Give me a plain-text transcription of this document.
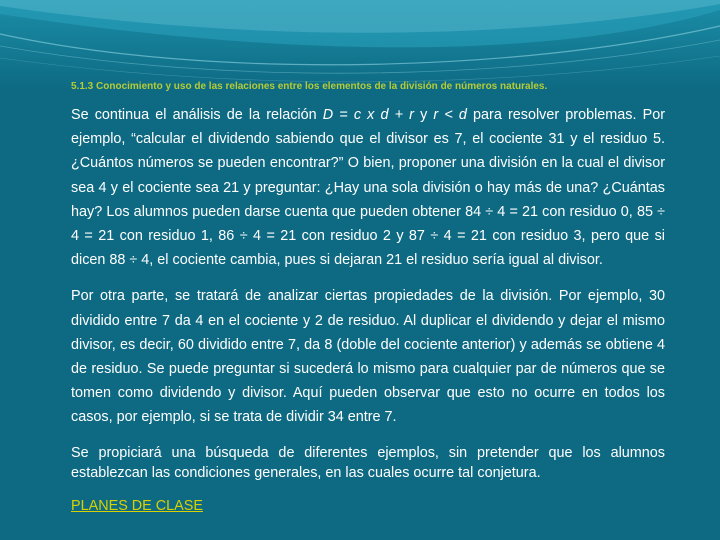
5.1.3 Conocimiento y uso de las relaciones entre los elementos de la división de números naturales.

Se continua el análisis de la relación D = c x d + r y r < d para resolver problemas. Por ejemplo, “calcular el dividendo sabiendo que el divisor es 7, el cociente 31 y el residuo 5. ¿Cuántos números se pueden encontrar?” O bien, proponer una división en la cual el divisor sea 4 y el cociente sea 21 y preguntar: ¿Hay una sola división o hay más de una? ¿Cuántas hay? Los alumnos pueden darse cuenta que pueden obtener 84 ÷ 4 = 21 con residuo 0, 85 ÷ 4 = 21 con residuo 1, 86 ÷ 4 = 21 con residuo 2 y 87 ÷ 4 = 21 con residuo 3, pero que si dicen 88 ÷ 4, el cociente cambia, pues si dejaran 21 el residuo sería igual al divisor.

Por otra parte, se tratará de analizar ciertas propiedades de la división. Por ejemplo, 30 dividido entre 7 da 4 en el cociente y 2 de residuo. Al duplicar el dividendo y dejar el mismo divisor, es decir, 60 dividido entre 7, da 8 (doble del cociente anterior) y además se obtiene 4 de residuo. Se puede preguntar si sucederá lo mismo para cualquier par de números que se tomen como dividendo y divisor. Aquí pueden observar que esto no ocurre en todos los casos, por ejemplo, si se trata de dividir 34 entre 7.

Se propiciará una búsqueda de diferentes ejemplos, sin pretender que los alumnos establezcan las condiciones generales, en las cuales ocurre tal conjetura.

PLANES DE CLASE
